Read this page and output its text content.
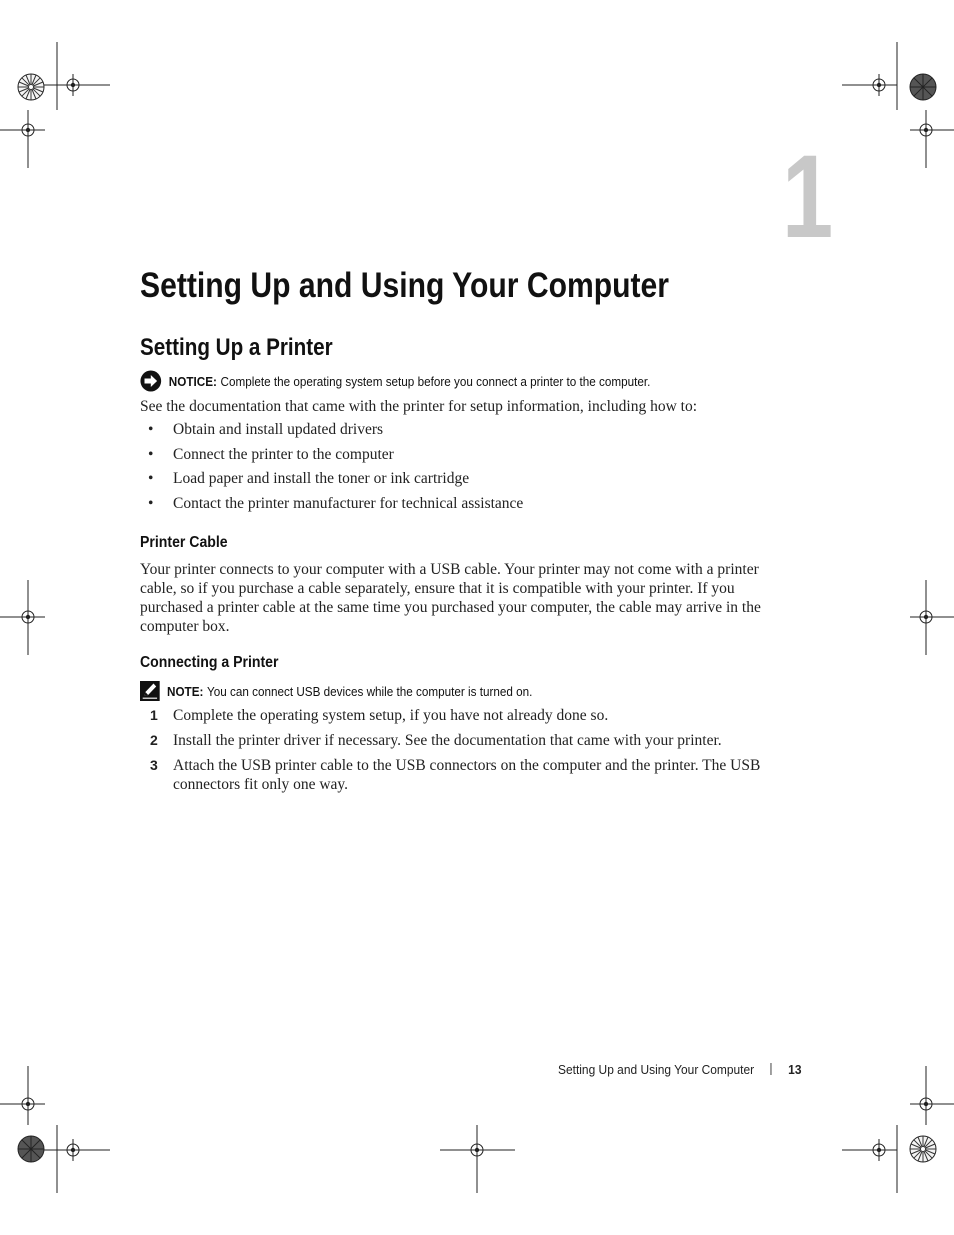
1
Setting Up and Using Your Computer
Setting Up a Printer
NOTICE: Complete the operating system setup before you connect a printer to the computer.
See the documentation that came with the printer for setup information, including how to:
• Obtain and install updated drivers
• Connect the printer to the computer
• Load paper and install the toner or ink cartridge
• Contact the printer manufacturer for technical assistance
Printer Cable
Your printer connects to your computer with a USB cable. Your printer may not come with a printer cable, so if you purchase a cable separately, ensure that it is compatible with your printer. If you purchased a printer cable at the same time you purchased your computer, the cable may arrive in the computer box.
Connecting a Printer
NOTE: You can connect USB devices while the computer is turned on.
1 Complete the operating system setup, if you have not already done so.
2 Install the printer driver if necessary. See the documentation that came with your printer.
3 Attach the USB printer cable to the USB connectors on the computer and the printer. The USB connectors fit only one way.
Setting Up and Using Your Computer	13
